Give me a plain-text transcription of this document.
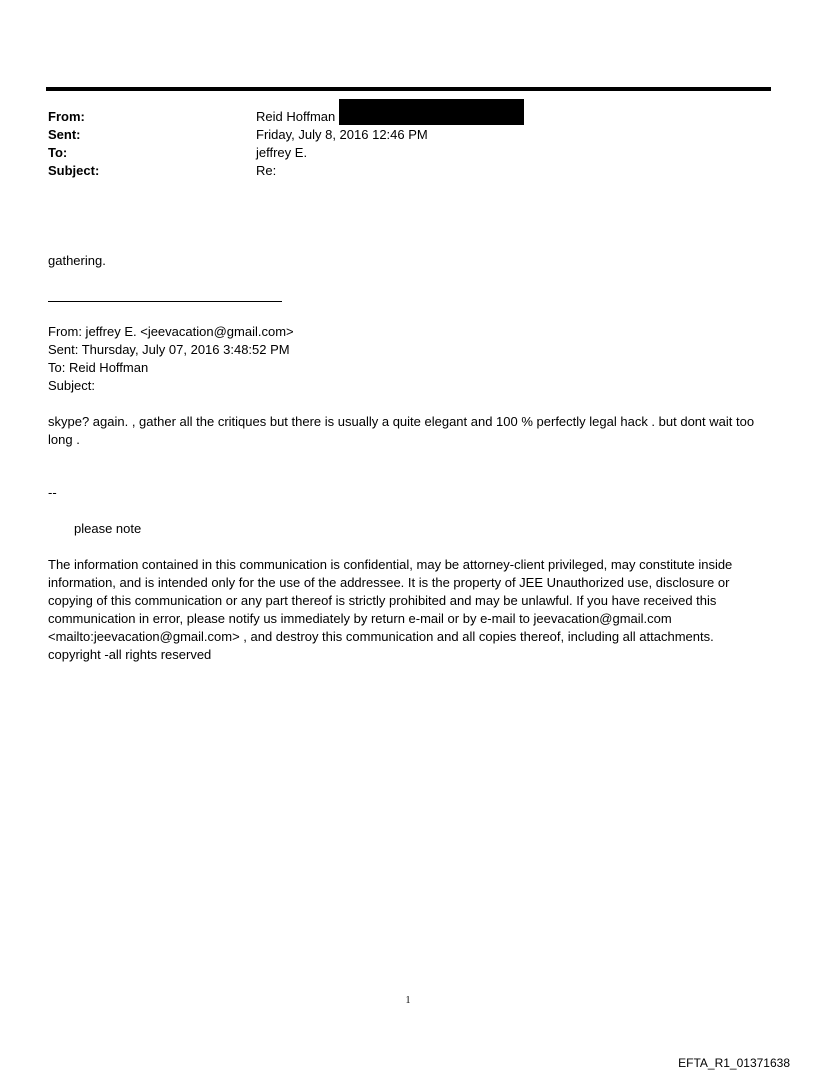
From:	Reid Hoffman
Sent:	Friday, July 8, 2016 12:46 PM
To:	jeffrey E.
Subject:	Re:
gathering.
From: jeffrey E. <jeevacation@gmail.com>
Sent: Thursday, July 07, 2016 3:48:52 PM
To: Reid Hoffman
Subject:
skype? again. , gather all the critiques but there is usually a quite elegant and 100 % perfectly legal hack . but dont wait too long .
--
please note
The information contained in this communication is confidential, may be attorney-client privileged, may constitute inside information, and is intended only for the use of the addressee. It is the property of JEE Unauthorized use, disclosure or copying of this communication or any part thereof is strictly prohibited and may be unlawful. If you have received this communication in error, please notify us immediately by return e-mail or by e-mail to jeevacation@gmail.com <mailto:jeevacation@gmail.com> , and destroy this communication and all copies thereof, including all attachments. copyright -all rights reserved
1
EFTA_R1_01371638
